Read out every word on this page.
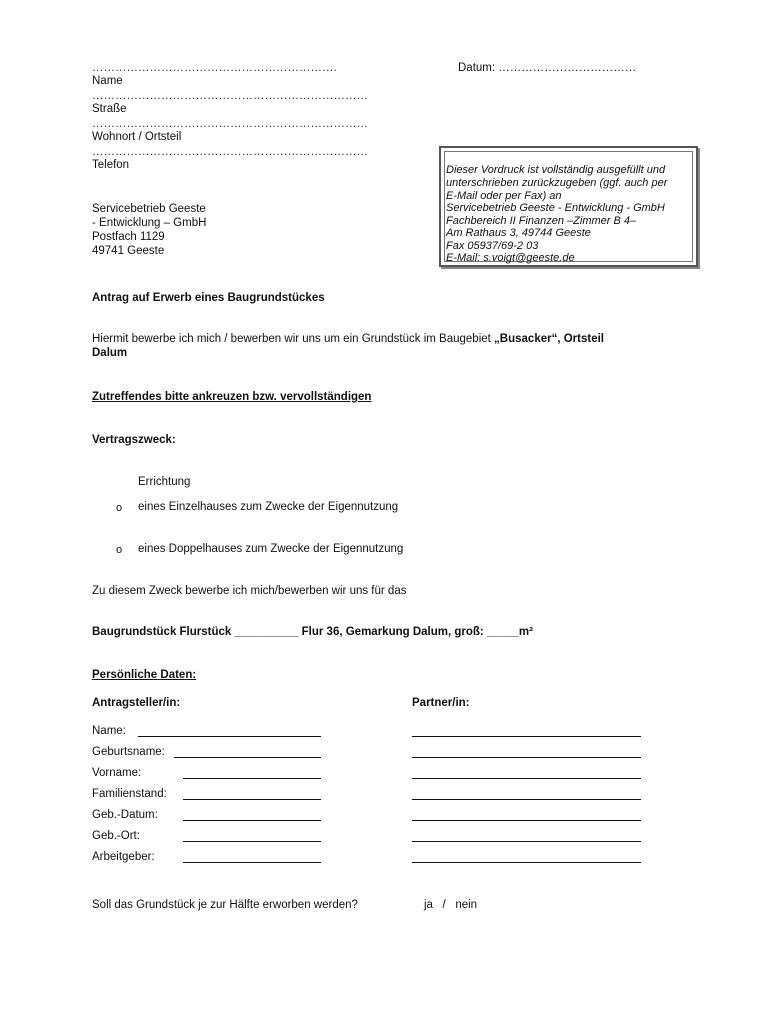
……………………………………………………….
Name
………………………………………………………………
Straße
………………………………………………………………
Wohnort / Ortsteil
………………………………………………………………
Telefon
Datum: ………………………………
Dieser Vordruck ist vollständig ausgefüllt und
unterschrieben zurückzugeben (ggf. auch per
E-Mail oder per Fax) an
Servicebetrieb Geeste - Entwicklung - GmbH
Fachbereich II Finanzen –Zimmer B 4–
Am Rathaus 3, 49744 Geeste
Fax 05937/69-2 03
E-Mail: s.voigt@geeste.de
Servicebetrieb Geeste
- Entwicklung – GmbH
Postfach 1129
49741 Geeste
Antrag auf Erwerb eines Baugrundstückes
Hiermit bewerbe ich mich / bewerben wir uns um ein Grundstück im Baugebiet „Busacker“, Ortsteil
Dalum
Zutreffendes bitte ankreuzen bzw. vervollständigen
Vertragszweck:
Errichtung
o eines Einzelhauses zum Zwecke der Eigennutzung
o eines Doppelhauses zum Zwecke der Eigennutzung
Zu diesem Zweck bewerbe ich mich/bewerben wir uns für das
Baugrundstück Flurstück __________ Flur 36, Gemarkung Dalum, groß: _____m²
Persönliche Daten:
Antragsteller/in:	Partner/in:
Name:
Geburtsname:
Vorname:
Familienstand:
Geb.-Datum:
Geb.-Ort:
Arbeitgeber:
Soll das Grundstück je zur Hälfte erworben werden?	ja   /   nein
